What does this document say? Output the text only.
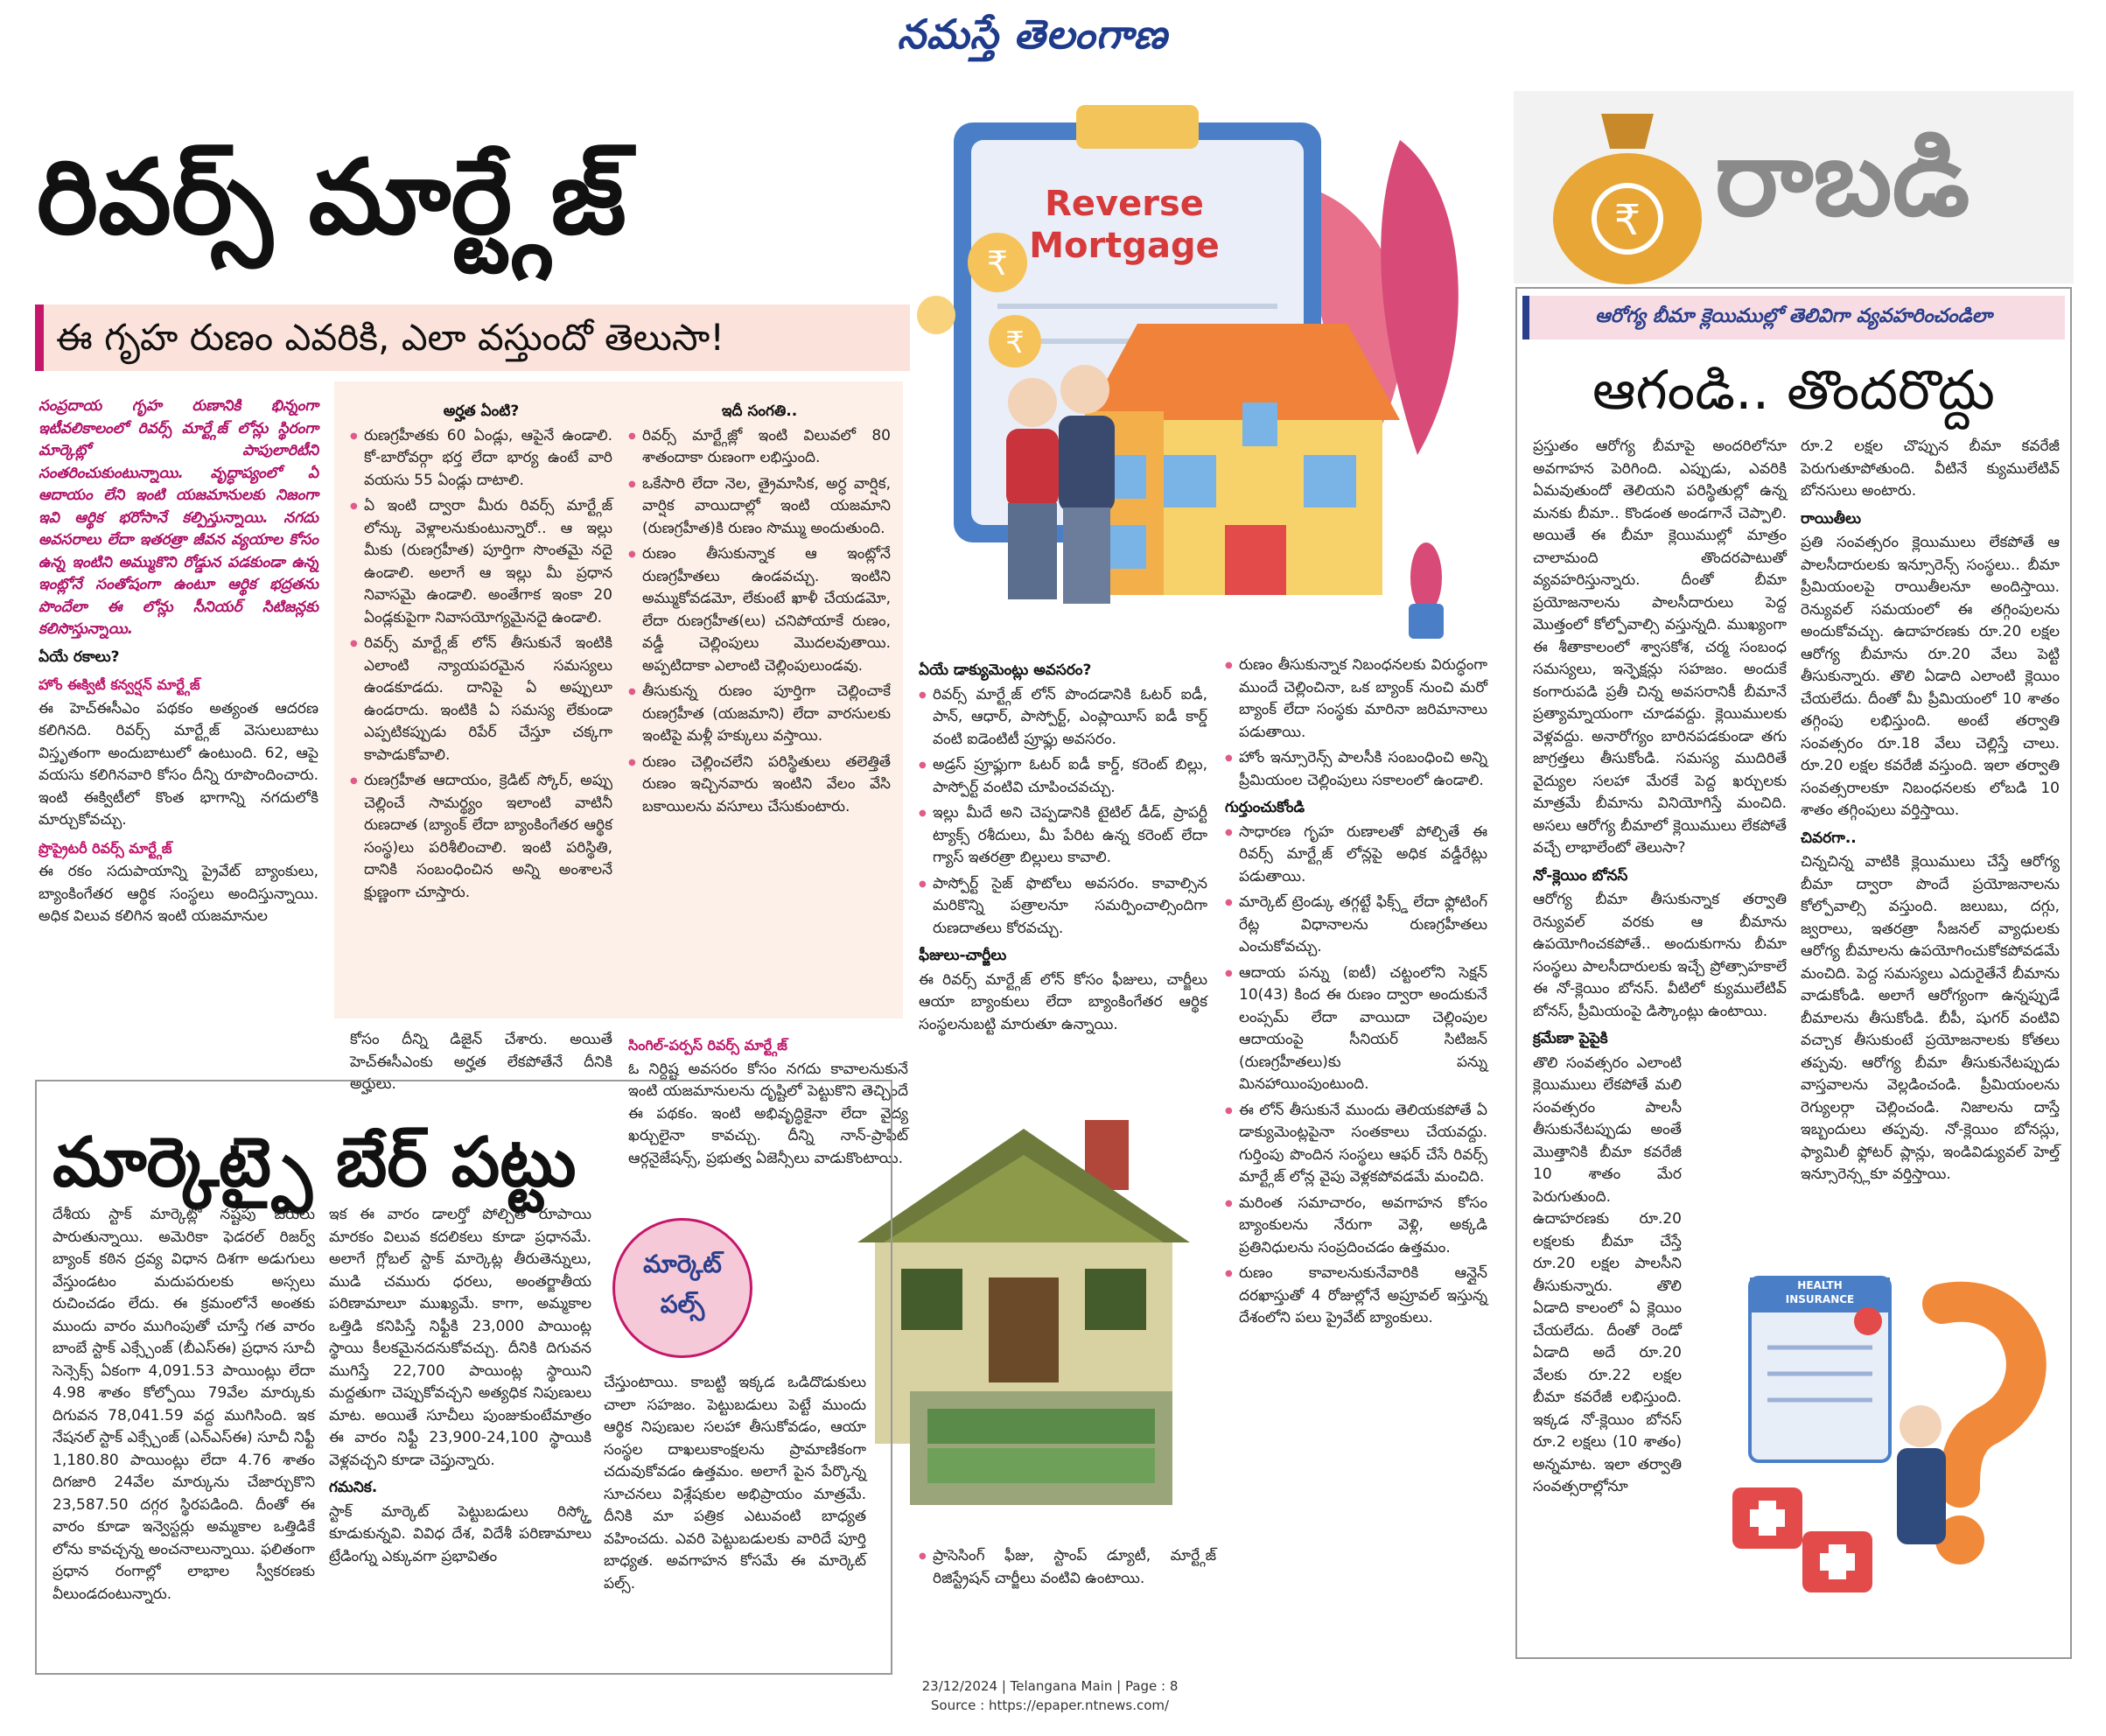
నమస్తే తెలంగాణ
రివర్స్ మార్ట్గేజ్
ఈ గృహ రుణం ఎవరికి, ఎలా వస్తుందో తెలుసా!
₹
₹
Reverse
Mortgage

సంప్రదాయ గృహ రుణానికి భిన్నంగా ఇటీవలికాలంలో రివర్స్ మార్ట్గేజ్ లోన్లు స్థిరంగా మార్కెట్లో పాపులారిటీని సంతరించుకుంటున్నాయి. వృద్ధాప్యంలో ఏ ఆదాయం లేని ఇంటి యజమానులకు నిజంగా ఇవి ఆర్థిక భరోసానే కల్పిస్తున్నాయి. నగదు అవసరాలు లేదా ఇతరత్రా జీవన వ్యయాల కోసం ఉన్న ఇంటిని అమ్ముకొని రోడ్డున పడకుండా ఉన్న ఇంట్లోనే సంతోషంగా ఉంటూ ఆర్థిక భద్రతను పొందేలా ఈ లోన్లు సీనియర్ సిటిజన్లకు కలిసొస్తున్నాయి.

ఏయే రకాలు?
హోం ఈక్విటీ కన్వర్షన్ మార్ట్గేజ్

ఈ హెచ్ఈసీఎం పథకం అత్యంత ఆదరణ కలిగినది. రివర్స్ మార్ట్గేజ్ వెసులుబాటు విస్తృతంగా అందుబాటులో ఉంటుంది. 62, ఆపై వయసు కలిగినవారి కోసం దీన్ని రూపొందించారు. ఇంటి ఈక్విటీలో కొంత భాగాన్ని నగదులోకి మార్చుకోవచ్చు.

ప్రొప్రైటరీ రివర్స్ మార్ట్గేజ్

ఈ రకం సదుపాయాన్ని ప్రైవేట్ బ్యాంకులు, బ్యాంకింగేతర ఆర్థిక సంస్థలు అందిస్తున్నాయి. అధిక విలువ కలిగిన ఇంటి యజమానుల

అర్హత ఏంటి?
● రుణగ్రహీతకు 60 ఏండ్లు, ఆపైనే ఉండాలి. కో-బారోవర్గా భర్త లేదా భార్య ఉంటే వారి వయసు 55 ఏండ్లు దాటాలి.
● ఏ ఇంటి ద్వారా మీరు రివర్స్ మార్ట్గేజ్ లోన్కు వెళ్లాలనుకుంటున్నారో.. ఆ ఇల్లు మీకు (రుణగ్రహీత) పూర్తిగా సొంతమై నదై ఉండాలి. అలాగే ఆ ఇల్లు మీ ప్రధాన నివాసమై ఉండాలి. అంతేగాక ఇంకా 20 ఏండ్లకుపైగా నివాసయోగ్యమైనదై ఉండాలి.
● రివర్స్ మార్ట్గేజ్ లోన్ తీసుకునే ఇంటికి ఎలాంటి న్యాయపరమైన సమస్యలు ఉండకూడదు. దానిపై ఏ అప్పులూ ఉండరాదు. ఇంటికి ఏ సమస్య లేకుండా ఎప్పటికప్పుడు రిపేర్ చేస్తూ చక్కగా కాపాడుకోవాలి.
● రుణగ్రహీత ఆదాయం, క్రెడిట్ స్కోర్, అప్పు చెల్లించే సామర్థ్యం ఇలాంటి వాటినీ రుణదాత (బ్యాంక్ లేదా బ్యాంకింగేతర ఆర్థిక సంస్థ)లు పరిశీలించాలి. ఇంటి పరిస్థితి, దానికి సంబంధించిన అన్ని అంశాలనే క్షుణ్ణంగా చూస్తారు.
ఇదీ సంగతి..
● రివర్స్ మార్ట్గేజ్లో ఇంటి విలువలో 80 శాతందాకా రుణంగా లభిస్తుంది.
● ఒకేసారి లేదా నెల, త్రైమాసిక, అర్ధ వార్షిక, వార్షిక వాయిదాల్లో ఇంటి యజమాని (రుణగ్రహీత)కి రుణం సొమ్ము అందుతుంది.
● రుణం తీసుకున్నాక ఆ ఇంట్లోనే రుణగ్రహీతలు ఉండవచ్చు. ఇంటిని అమ్ముకోవడమో, లేకుంటే ఖాళీ చేయడమో, లేదా రుణగ్రహీత(లు) చనిపోయాకే రుణం, వడ్డీ చెల్లింపులు మొదలవుతాయి. అప్పటిదాకా ఎలాంటి చెల్లింపులుండవు.
● తీసుకున్న రుణం పూర్తిగా చెల్లించాకే రుణగ్రహీత (యజమాని) లేదా వారసులకు ఇంటిపై మళ్లీ హక్కులు వస్తాయి.
● రుణం చెల్లించలేని పరిస్థితులు తలెత్తితే రుణం ఇచ్చినవారు ఇంటిని వేలం వేసి బకాయిలను వసూలు చేసుకుంటారు.

కోసం దీన్ని డిజైన్ చేశారు. అయితే హెచ్ఈసీఎంకు అర్హత లేకపోతేనే దీనికి అర్హులు.

సింగిల్-పర్పస్ రివర్స్ మార్ట్గేజ్

ఓ నిర్దిష్ట అవసరం కోసం నగదు కావాలనుకునే ఇంటి యజమానులను దృష్టిలో పెట్టుకొని తెచ్చిందే ఈ పథకం. ఇంటి అభివృద్ధికైనా లేదా వైద్య ఖర్చులైనా కావచ్చు. దీన్ని నాన్-ప్రాఫిట్ ఆర్గనైజేషన్స్, ప్రభుత్వ ఏజెన్సీలు వాడుకొంటాయి.

ఏయే డాక్యుమెంట్లు అవసరం?
● రివర్స్ మార్ట్గేజ్ లోన్ పొందడానికి ఓటర్ ఐడీ, పాన్, ఆధార్, పాస్పోర్ట్, ఎంప్లాయీస్ ఐడీ కార్డ్ వంటి ఐడెంటిటీ ప్రూఫ్లు అవసరం.
● అడ్రస్ ప్రూఫ్లుగా ఓటర్ ఐడీ కార్డ్, కరెంట్ బిల్లు, పాస్పోర్ట్ వంటివి చూపించవచ్చు.
● ఇల్లు మీదే అని చెప్పడానికి టైటిల్ డీడ్, ప్రాపర్టీ ట్యాక్స్ రశీదులు, మీ పేరిట ఉన్న కరెంట్ లేదా గ్యాస్ ఇతరత్రా బిల్లులు కావాలి.
● పాస్పోర్ట్ సైజ్ ఫొటోలు అవసరం. కావాల్సిన మరికొన్ని పత్రాలనూ సమర్పించాల్సిందిగా రుణదాతలు కోరవచ్చు.
ఫీజులు-చార్జీలు

ఈ రివర్స్ మార్ట్గేజ్ లోన్ కోసం ఫీజులు, చార్జీలు ఆయా బ్యాంకులు లేదా బ్యాంకింగేతర ఆర్థిక సంస్థలనుబట్టి మారుతూ ఉన్నాయి.

● రుణం తీసుకున్నాక నిబంధనలకు విరుద్ధంగా ముందే చెల్లించినా, ఒక బ్యాంక్ నుంచి మరో బ్యాంక్ లేదా సంస్థకు మారినా జరిమానాలు పడుతాయి.
● హోం ఇన్సూరెన్స్ పాలసీకి సంబంధించి అన్ని ప్రీమియంల చెల్లింపులు సకాలంలో ఉండాలి.
గుర్తుంచుకోండి
● సాధారణ గృహ రుణాలతో పోల్చితే ఈ రివర్స్ మార్ట్గేజ్ లోన్లపై అధిక వడ్డీరేట్లు పడుతాయి.
● మార్కెట్ ట్రెండ్కు తగ్గట్టే ఫిక్స్డ్ లేదా ఫ్లోటింగ్ రేట్ల విధానాలను రుణగ్రహీతలు ఎంచుకోవచ్చు.
● ఆదాయ పన్ను (ఐటీ) చట్టంలోని సెక్షన్ 10(43) కింద ఈ రుణం ద్వారా అందుకునే లంప్సమ్ లేదా వాయిదా చెల్లింపుల ఆదాయంపై సీనియర్ సిటిజన్ (రుణగ్రహీతలు)కు పన్ను మినహాయింపుంటుంది.
● ఈ లోన్ తీసుకునే ముందు తెలియకపోతే ఏ డాక్యుమెంట్లపైనా సంతకాలు చేయవద్దు. గుర్తింపు పొందిన సంస్థలు ఆఫర్ చేసే రివర్స్ మార్ట్గేజ్ లోన్ల వైపు వెళ్లకపోవడమే మంచిది.
● మరింత సమాచారం, అవగాహన కోసం బ్యాంకులను నేరుగా వెళ్లి, అక్కడి ప్రతినిధులను సంప్రదించడం ఉత్తమం.
● రుణం కావాలనుకునేవారికి ఆన్లైన్ దరఖాస్తుతో 4 రోజుల్లోనే అప్రూవల్ ఇస్తున్న దేశంలోని పలు ప్రైవేట్ బ్యాంకులు.
● ప్రాసెసింగ్ ఫీజు, స్టాంప్ డ్యూటీ, మార్ట్గేజ్ రిజిస్ట్రేషన్ చార్జీలు వంటివి ఉంటాయి.
మార్కెట్పై బేర్ పట్టు

దేశీయ స్టాక్ మార్కెట్లో నష్టపు బేరులు పారుతున్నాయి. అమెరికా ఫెడరల్ రిజర్వ్ బ్యాంక్ కఠిన ద్రవ్య విధాన దిశగా అడుగులు వేస్తుండటం మదుపరులకు అస్సలు రుచించడం లేదు. ఈ క్రమంలోనే అంతకు ముందు వారం ముగింపుతో చూస్తే గత వారం బాంబే స్టాక్ ఎక్స్చేంజ్ (బీఎస్ఈ) ప్రధాన సూచీ సెన్సెక్స్ ఏకంగా 4,091.53 పాయింట్లు లేదా 4.98 శాతం కోల్పోయి 79వేల మార్కుకు దిగువన 78,041.59 వద్ద ముగిసింది. ఇక నేషనల్ స్టాక్ ఎక్స్చేంజ్ (ఎన్ఎస్ఈ) సూచీ నిఫ్టీ 1,180.80 పాయింట్లు లేదా 4.76 శాతం దిగజారి 24వేల మార్కును చేజార్చుకొని 23,587.50 దగ్గర స్థిరపడింది. దీంతో ఈ వారం కూడా ఇన్వెస్టర్లు అమ్మకాల ఒత్తిడికే లోను కావచ్చన్న అంచనాలున్నాయి. ఫలితంగా ప్రధాన రంగాల్లో లాభాల స్వీకరణకు వీలుండదంటున్నారు.

ఇక ఈ వారం డాలర్తో పోల్చితే రూపాయి మారకం విలువ కదలికలు కూడా ప్రధానమే. అలాగే గ్లోబల్ స్టాక్ మార్కెట్ల తీరుతెన్నులు, ముడి చమురు ధరలు, అంతర్జాతీయ పరిణామాలూ ముఖ్యమే. కాగా, అమ్మకాల ఒత్తిడి కనిపిస్తే నిఫ్టీకి 23,000 పాయింట్ల స్థాయి కీలకమైనదనుకోవచ్చు. దీనికి దిగువన ముగిస్తే 22,700 పాయింట్ల స్థాయిని మద్దతుగా చెప్పుకోవచ్చని అత్యధిక నిపుణులు మాట. అయితే సూచీలు పుంజుకుంటేమాత్రం ఈ వారం నిఫ్టీ 23,900-24,100 స్థాయికి వెళ్లవచ్చని కూడా చెప్తున్నారు.

గమనిక.

స్టాక్ మార్కెట్ పెట్టుబడులు రిస్క్తో కూడుకున్నవి. వివిధ దేశ, విదేశీ పరిణామాలు ట్రేడింగ్ను ఎక్కువగా ప్రభావితం

మార్కెట్
పల్స్

చేస్తుంటాయి. కాబట్టి ఇక్కడ ఒడిదొడుకులు చాలా సహజం. పెట్టుబడులు పెట్టే ముందు ఆర్థిక నిపుణుల సలహా తీసుకోవడం, ఆయా సంస్థల దాఖలుకాంక్షలను ప్రామాణికంగా చదువుకోవడం ఉత్తమం. అలాగే పైన పేర్కొన్న సూచనలు విశ్లేషకుల అభిప్రాయం మాత్రమే. దీనికి మా పత్రిక ఎటువంటి బాధ్యత వహించదు. ఎవరి పెట్టుబడులకు వారిదే పూర్తి బాధ్యత. అవగాహన కోసమే ఈ మార్కెట్ పల్స్.

₹ రాబడి
ఆరోగ్య బీమా క్లెయిముల్లో తెలివిగా వ్యవహరించండిలా
ఆగండి.. తొందరొద్దు

ప్రస్తుతం ఆరోగ్య బీమాపై అందరిలోనూ అవగాహన పెరిగింది. ఎప్పుడు, ఎవరికి ఏమవుతుందో తెలియని పరిస్థితుల్లో ఉన్న మనకు బీమా.. కొండంత అండగానే చెప్పాలి. అయితే ఈ బీమా క్లెయిముల్లో మాత్రం చాలామంది తొందరపాటుతో వ్యవహరిస్తున్నారు. దీంతో బీమా ప్రయోజనాలను పాలసీదారులు పెద్ద మొత్తంలో కోల్పోవాల్సి వస్తున్నది. ముఖ్యంగా ఈ శీతాకాలంలో శ్వాసకోశ, చర్మ సంబంధ సమస్యలు, ఇన్ఫెక్షన్లు సహజం. అందుకే కంగారుపడి ప్రతీ చిన్న అవసరానికీ బీమానే ప్రత్యామ్నాయంగా చూడవద్దు. క్లెయిములకు వెళ్లవద్దు. అనారోగ్యం బారినపడకుండా తగు జాగ్రత్తలు తీసుకోండి. సమస్య ముదిరితే వైద్యుల సలహా మేరకే పెద్ద ఖర్చులకు మాత్రమే బీమాను వినియోగిస్తే మంచిది. అసలు ఆరోగ్య బీమాలో క్లెయిములు లేకపోతే వచ్చే లాభాలేంటో తెలుసా?

నో-క్లెయిం బోనస్

ఆరోగ్య బీమా తీసుకున్నాక తర్వాతి రెన్యువల్ వరకు ఆ బీమాను ఉపయోగించకపోతే.. అందుకుగాను బీమా సంస్థలు పాలసీదారులకు ఇచ్చే ప్రోత్సాహకాలే ఈ నో-క్లెయిం బోనస్. వీటిలో క్యుములేటివ్ బోనస్, ప్రీమియంపై డిస్కౌంట్లు ఉంటాయి.

క్రమేణా పైపైకి

తొలి సంవత్సరం ఎలాంటి క్లెయిములు లేకపోతే మలి సంవత్సరం పాలసీ తీసుకునేటప్పుడు అంతే మొత్తానికి బీమా కవరేజీ 10 శాతం మేర పెరుగుతుంది. ఉదాహరణకు రూ.20 లక్షలకు బీమా చేస్తే రూ.20 లక్షల పాలసీని తీసుకున్నారు. తొలి ఏడాది కాలంలో ఏ క్లెయిం చేయలేదు. దీంతో రెండో ఏడాది అదే రూ.20 వేలకు రూ.22 లక్షల బీమా కవరేజీ లభిస్తుంది. ఇక్కడ నో-క్లెయిం బోనస్ రూ.2 లక్షలు (10 శాతం) అన్నమాట. ఇలా తర్వాతి సంవత్సరాల్లోనూ

రూ.2 లక్షల చొప్పున బీమా కవరేజీ పెరుగుతూపోతుంది. వీటినే క్యుములేటివ్ బోనసులు అంటారు.

రాయితీలు

ప్రతి సంవత్సరం క్లెయిములు లేకపోతే ఆ పాలసీదారులకు ఇన్సూరెన్స్ సంస్థలు.. బీమా ప్రీమియంలపై రాయితీలనూ అందిస్తాయి. రెన్యువల్ సమయంలో ఈ తగ్గింపులను అందుకోవచ్చు. ఉదాహరణకు రూ.20 లక్షల ఆరోగ్య బీమాను రూ.20 వేలు పెట్టి తీసుకున్నారు. తొలి ఏడాది ఎలాంటి క్లెయిం చేయలేదు. దీంతో మీ ప్రీమియంలో 10 శాతం తగ్గింపు లభిస్తుంది. అంటే తర్వాతి సంవత్సరం రూ.18 వేలు చెల్లిస్తే చాలు. రూ.20 లక్షల కవరేజీ వస్తుంది. ఇలా తర్వాతి సంవత్సరాలకూ నిబంధనలకు లోబడి 10 శాతం తగ్గింపులు వర్తిస్తాయి.

చివరగా..

చిన్నచిన్న వాటికి క్లెయిములు చేస్తే ఆరోగ్య బీమా ద్వారా పొందే ప్రయోజనాలను కోల్పోవాల్సి వస్తుంది. జలుబు, దగ్గు, జ్వరాలు, ఇతరత్రా సీజనల్ వ్యాధులకు ఆరోగ్య బీమాలను ఉపయోగించుకోకపోవడమే మంచిది. పెద్ద సమస్యలు ఎదురైతేనే బీమాను వాడుకోండి. అలాగే ఆరోగ్యంగా ఉన్నప్పుడే బీమాలను తీసుకోండి. బీపీ, షుగర్ వంటివి వచ్చాక తీసుకుంటే ప్రయోజనాలకు కోతలు తప్పవు. ఆరోగ్య బీమా తీసుకునేటప్పుడు వాస్తవాలను వెల్లడించండి. ప్రీమియంలను రెగ్యులర్గా చెల్లించండి. నిజాలను దాస్తే ఇబ్బందులు తప్పవు. నో-క్లెయిం బోనస్లు, ఫ్యామిలీ ఫ్లోటర్ ప్లాన్లు, ఇండివిడ్యువల్ హెల్త్ ఇన్సూరెన్స్లకూ వర్తిస్తాయి.

HEALTH
INSURANCE
23/12/2024 | Telangana Main | Page : 8
Source : https://epaper.ntnews.com/
